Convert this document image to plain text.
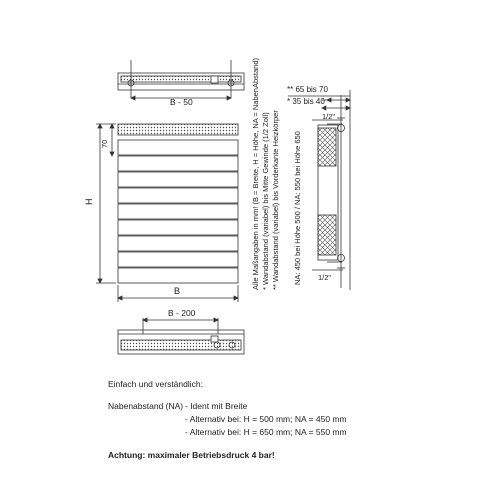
B - 50
H
70
B
B - 200
Alle Maßangaben in mm! (B = Breite, H = Höhe, NA = NabenAbstand) * Wandabstand (variabel) bis Mitte Gewinde (1/2 Zoll) ** Wandabstand (variabel) bis Vorderkante Heizkörper NA: 450 bei Höhe 500 / NA: 550 bei Höhe 650
** 65 bis 70
* 35 bis 40
1/2"
1/2"
Einfach und verständlich:
Nabenabstand (NA) - Ident mit Breite
- Alternativ bei: H = 500 mm; NA = 450 mm
- Alternativ bei: H = 650 mm; NA = 550 mm
Achtung: maximaler Betriebsdruck 4 bar!
